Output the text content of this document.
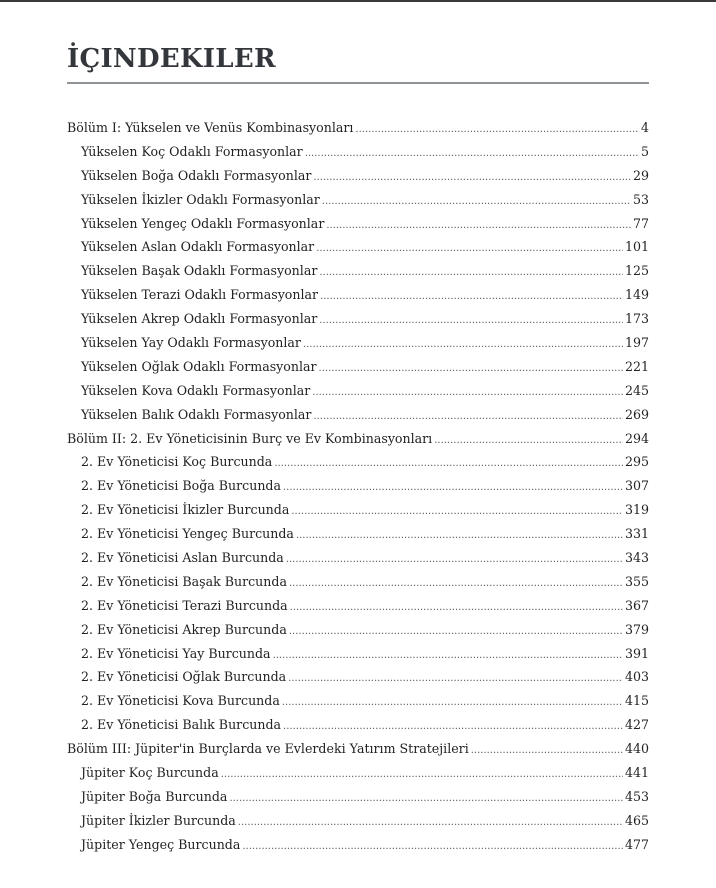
İÇINDEKILER
Bölüm I: Yükselen ve Venüs Kombinasyonları .....	4
Yükselen Koç Odaklı Formasyonlar .....	5
Yükselen Boğa Odaklı Formasyonlar .....	29
Yükselen İkizler Odaklı Formasyonlar .....	53
Yükselen Yengeç Odaklı Formasyonlar .....	77
Yükselen Aslan Odaklı Formasyonlar .....	101
Yükselen Başak Odaklı Formasyonlar .....	125
Yükselen Terazi Odaklı Formasyonlar .....	149
Yükselen Akrep Odaklı Formasyonlar .....	173
Yükselen Yay Odaklı Formasyonlar .....	197
Yükselen Oğlak Odaklı Formasyonlar .....	221
Yükselen Kova Odaklı Formasyonlar .....	245
Yükselen Balık Odaklı Formasyonlar .....	269
Bölüm II: 2. Ev Yöneticisinin Burç ve Ev Kombinasyonları .....	294
2. Ev Yöneticisi Koç Burcunda .....	295
2. Ev Yöneticisi Boğa Burcunda .....	307
2. Ev Yöneticisi İkizler Burcunda .....	319
2. Ev Yöneticisi Yengeç Burcunda .....	331
2. Ev Yöneticisi Aslan Burcunda .....	343
2. Ev Yöneticisi Başak Burcunda .....	355
2. Ev Yöneticisi Terazi Burcunda .....	367
2. Ev Yöneticisi Akrep Burcunda .....	379
2. Ev Yöneticisi Yay Burcunda .....	391
2. Ev Yöneticisi Oğlak Burcunda .....	403
2. Ev Yöneticisi Kova Burcunda .....	415
2. Ev Yöneticisi Balık Burcunda .....	427
Bölüm III: Jüpiter'in Burçlarda ve Evlerdeki Yatırım Stratejileri .....	440
Jüpiter Koç Burcunda .....	441
Jüpiter Boğa Burcunda .....	453
Jüpiter İkizler Burcunda .....	465
Jüpiter Yengeç Burcunda .....	477
